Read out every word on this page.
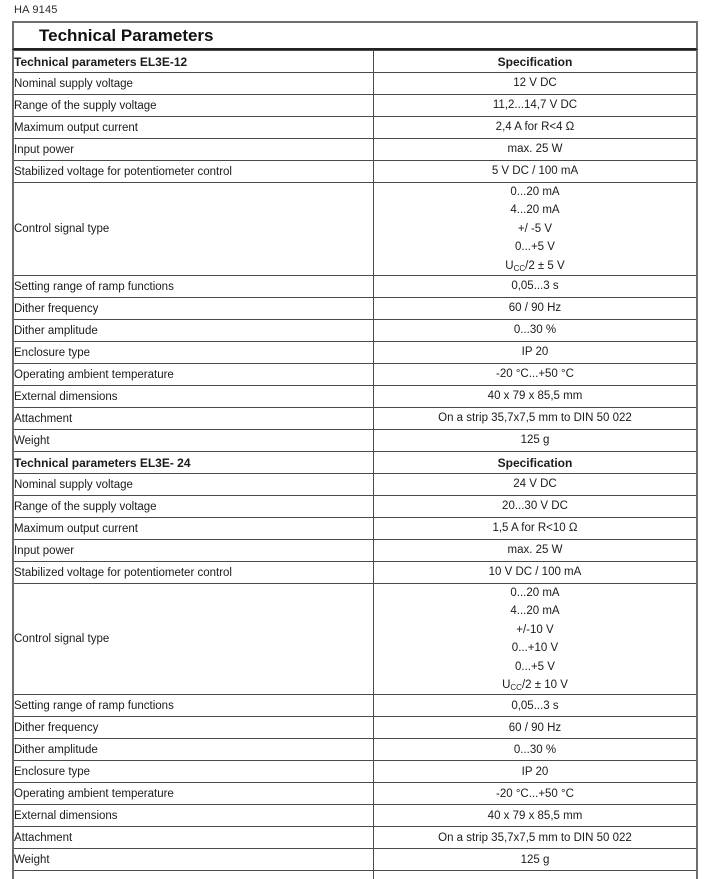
HA 9145
Technical Parameters
Technical parameters EL3E-12	Specification
Nominal supply voltage	12 V DC

Range of the supply voltage	11,2...14,7 V DC

Maximum output current	2,4 A for R<4 Ω

Input power	max. 25 W

Stabilized voltage for potentiometer control	5 V DC / 100 mA

Control signal type	0...20 mA
4...20 mA
+/ -5 V
0...+5 V
$U_{CC}/2 \pm 5$ V

Setting range of ramp functions	0,05...3 s

Dither frequency	60 / 90 Hz

Dither amplitude	0...30 %

Enclosure type	IP 20

Operating ambient temperature	-20 °C...+50 °C

External dimensions	40 x 79 x 85,5 mm

Attachment	On a strip 35,7x7,5 mm to DIN 50 022

Weight	125 g

Technical parameters EL3E- 24	Specification
Nominal supply voltage	24 V DC

Range of the supply voltage	20...30 V DC

Maximum output current	1,5 A for R<10 Ω

Input power	max. 25 W

Stabilized voltage for potentiometer control	10 V DC / 100 mA

Control signal type	
0...20 mA
4...20 mA
+/-10 V
0...+10 V
0...+5 V
$U_{CC}/2 \pm 10$ V

Setting range of ramp functions	0,05...3 s

Dither frequency	60 / 90 Hz

Dither amplitude	0...30 %

Enclosure type	IP 20

Operating ambient temperature	-20 °C...+50 °C

External dimensions	40 x 79 x 85,5 mm

Attachment	On a strip 35,7x7,5 mm to DIN 50 022

Weight	125 g
